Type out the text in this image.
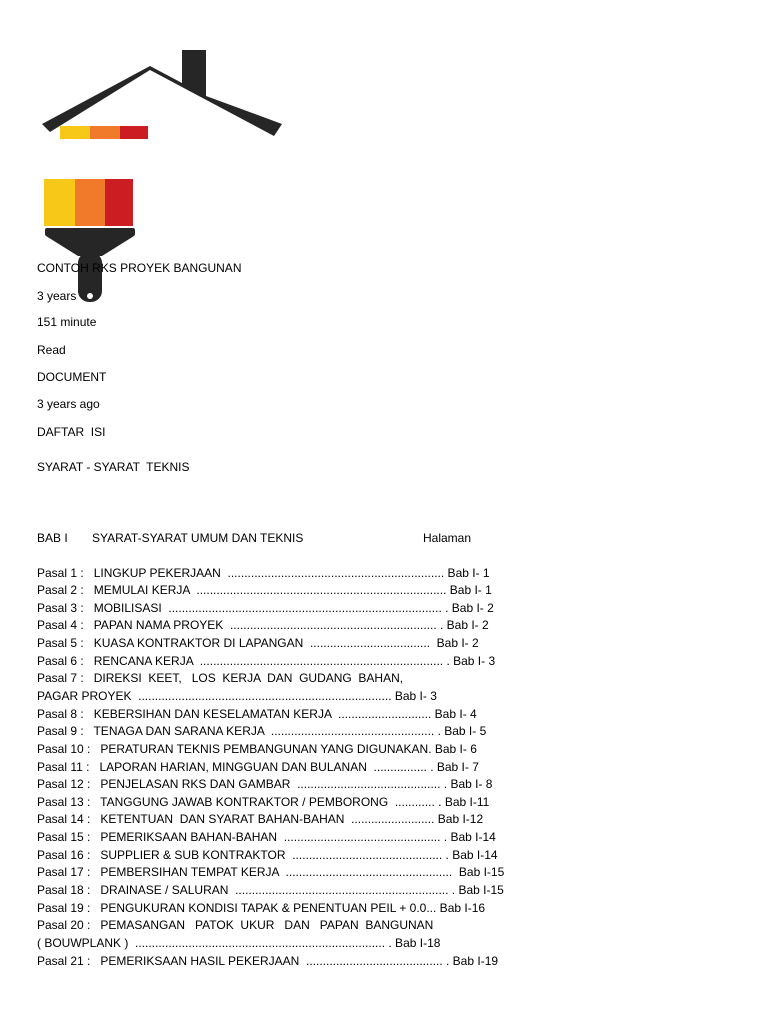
CONTOH RKS PROYEK BANGUNAN
3 years
151 minute
Read
DOCUMENT
3 years ago
DAFTAR  ISI
SYARAT - SYARAT  TEKNIS
BAB I SYARAT-SYARAT UMUM DAN TEKNIS	Halaman
Pasal 1 :   LINGKUP PEKERJAAN  ................................................................. Bab I- 1
Pasal 2 :   MEMULAI KERJA  ........................................................................... Bab I- 1
Pasal 3 :   MOBILISASI  .................................................................................. . Bab I- 2
Pasal 4 :   PAPAN NAMA PROYEK  .............................................................. . Bab I- 2
Pasal 5 :   KUASA KONTRAKTOR DI LAPANGAN  ....................................  Bab I- 2
Pasal 6 :   RENCANA KERJA  ......................................................................... . Bab I- 3
Pasal 7 :   DIREKSI  KEET,   LOS  KERJA  DAN  GUDANG  BAHAN,
PAGAR PROYEK  ............................................................................ Bab I- 3
Pasal 8 :   KEBERSIHAN DAN KESELAMATAN KERJA  ............................ Bab I- 4
Pasal 9 :   TENAGA DAN SARANA KERJA  ................................................. . Bab I- 5
Pasal 10 :   PERATURAN TEKNIS PEMBANGUNAN YANG DIGUNAKAN. Bab I- 6
Pasal 11 :   LAPORAN HARIAN, MINGGUAN DAN BULANAN  ................ . Bab I- 7
Pasal 12 :   PENJELASAN RKS DAN GAMBAR  ........................................... . Bab I- 8
Pasal 13 :   TANGGUNG JAWAB KONTRAKTOR / PEMBORONG  ............ . Bab I-11
Pasal 14 :   KETENTUAN  DAN SYARAT BAHAN-BAHAN  ......................... Bab I-12
Pasal 15 :   PEMERIKSAAN BAHAN-BAHAN  ............................................... . Bab I-14
Pasal 16 :   SUPPLIER & SUB KONTRAKTOR  ............................................. . Bab I-14
Pasal 17 :   PEMBERSIHAN TEMPAT KERJA  ..................................................  Bab I-15
Pasal 18 :   DRAINASE / SALURAN  ................................................................ . Bab I-15
Pasal 19 :   PENGUKURAN KONDISI TAPAK & PENENTUAN PEIL + 0.0... Bab I-16
Pasal 20 :   PEMASANGAN   PATOK  UKUR   DAN   PAPAN  BANGUNAN
( BOUWPLANK )  ........................................................................... . Bab I-18
Pasal 21 :   PEMERIKSAAN HASIL PEKERJAAN  ......................................... . Bab I-19
